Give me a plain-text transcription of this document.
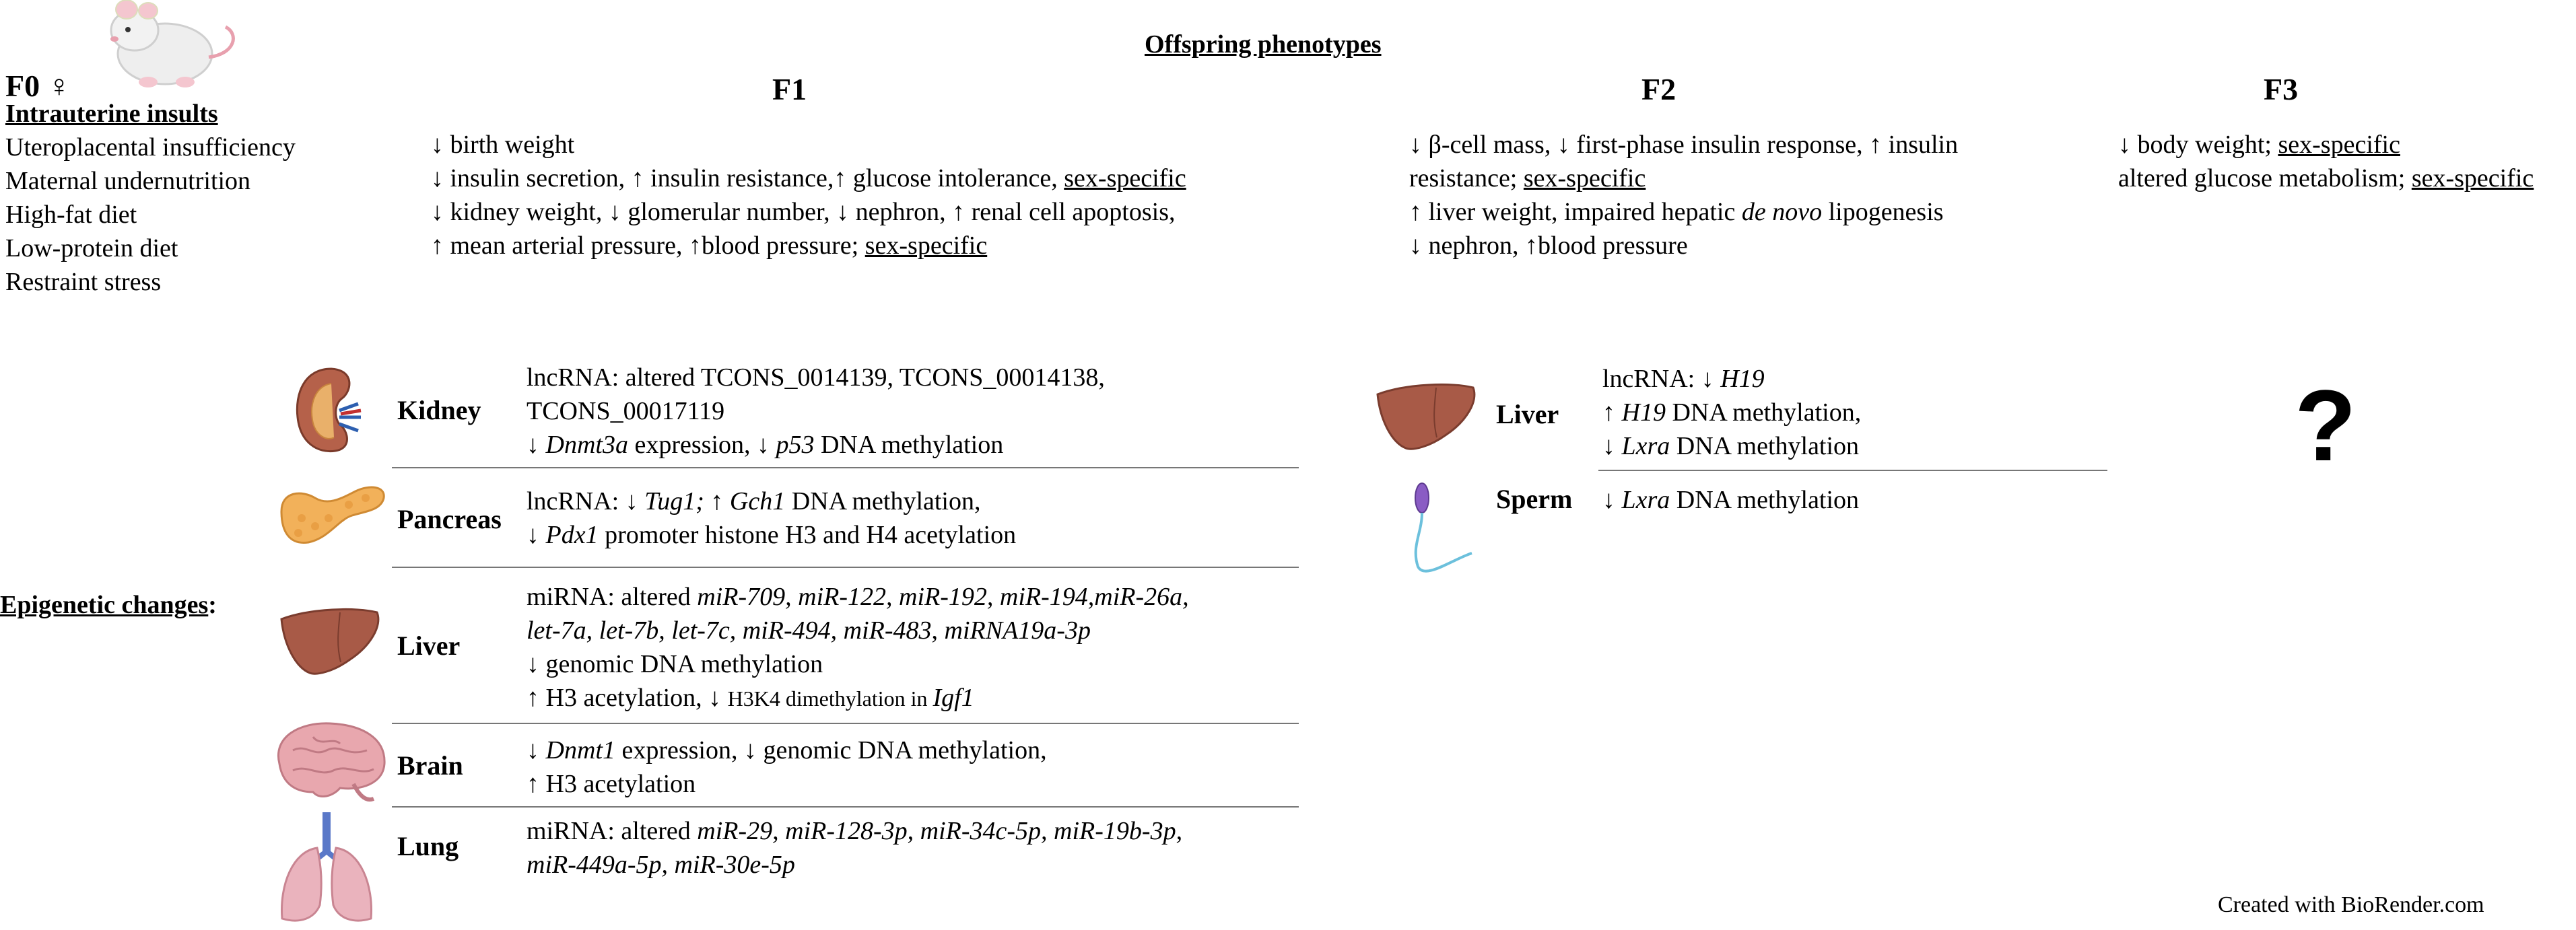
Offspring phenotypes
F0 ♀
Intrauterine insults
Uteroplacental insufficiency
Maternal undernutrition
High-fat diet
Low-protein diet
Restraint stress
F1	F2	F3
↓ birth weight
↓ insulin secretion, ↑ insulin resistance,↑ glucose intolerance, sex-specific
↓ kidney weight, ↓ glomerular number, ↓ nephron, ↑ renal cell apoptosis,
↑ mean arterial pressure, ↑blood pressure; sex-specific
↓ β-cell mass, ↓ first-phase insulin response, ↑ insulin
resistance; sex-specific
↑ liver weight, impaired hepatic de novo lipogenesis
↓ nephron, ↑blood pressure
↓ body weight; sex-specific
altered glucose metabolism; sex-specific
Epigenetic changes:
Kidney
Pancreas
Liver
Brain
Lung
lncRNA: altered TCONS_0014139, TCONS_00014138,
TCONS_00017119
↓ Dnmt3a expression, ↓ p53 DNA methylation
lncRNA: ↓ Tug1; ↑ Gch1 DNA methylation,
↓ Pdx1 promoter histone H3 and H4 acetylation
miRNA: altered miR-709, miR-122, miR-192, miR-194,miR-26a,
let-7a, let-7b, let-7c, miR-494, miR-483, miRNA19a-3p
↓ genomic DNA methylation
↑ H3 acetylation, ↓ H3K4 dimethylation in Igf1
↓ Dnmt1 expression, ↓ genomic DNA methylation,
↑ H3 acetylation
miRNA: altered miR-29, miR-128-3p, miR-34c-5p, miR-19b-3p,
miR-449a-5p, miR-30e-5p
Liver
Sperm
lncRNA: ↓ H19
↑ H19 DNA methylation,
↓ Lxra DNA methylation
↓ Lxra DNA methylation
?
Created with BioRender.com
